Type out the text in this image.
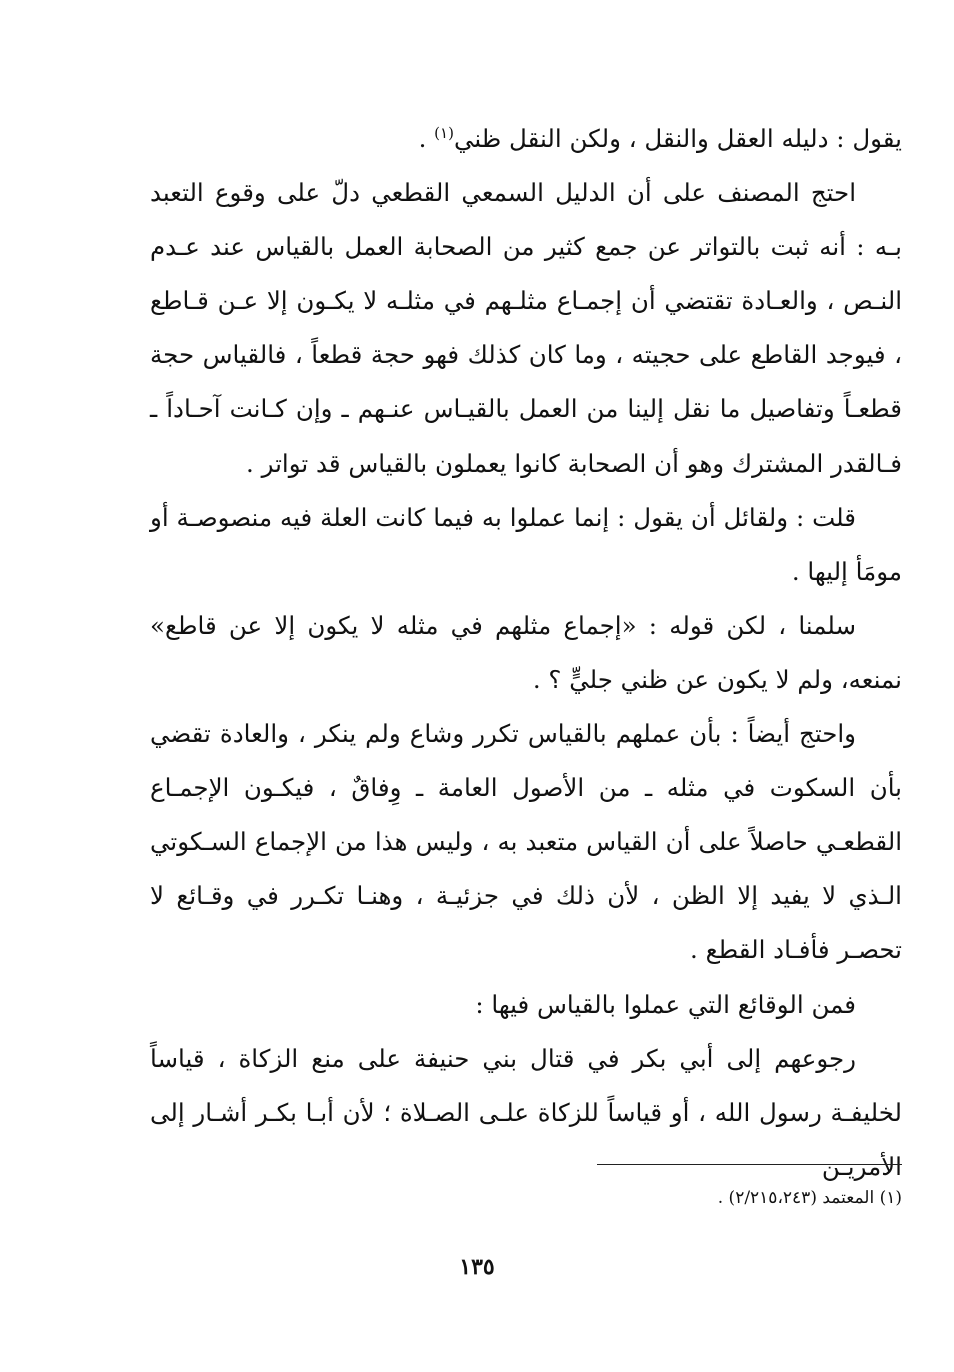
يقول : دليله العقل والنقل ، ولكن النقل ظني$^{(١)}$ .

احتج المصنف على أن الدليل السمعي القطعي دلّ على وقوع التعبد بـه : أنه ثبت بالتواتر عن جمع كثير من الصحابة العمل بالقياس عند عـدم النـص ، والعـادة تقتضي أن إجمـاع مثلـهم في مثلـه لا يكـون إلا عـن قـاطع ، فيوجد القاطع على حجيته ، وما كان كذلك فهو حجة قطعاً ، فالقياس حجة قطعـاً وتفاصيل ما نقل إلينا من العمل بالقيـاس عنـهم ـ وإن كـانت آحـاداً ـ فـالقدر المشترك وهو أن الصحابة كانوا يعملون بالقياس قد تواتر .

قلت : ولقائل أن يقول : إنما عملوا به فيما كانت العلة فيه منصوصـة أو مومَأ إليها .

سلمنا ، لكن قوله : «إجماع مثلهم في مثله لا يكون إلا عن قاطع» نمنعه، ولم لا يكون عن ظني جليٍّ ؟ .

واحتج أيضاً : بأن عملهم بالقياس تكرر وشاع ولم ينكر ، والعادة تقضي بأن السكوت في مثله ـ من الأصول العامة ـ وِفاقٌ ، فيكـون الإجمـاع القطعـي حاصلاً على أن القياس متعبد به ، وليس هذا من الإجماع السـكوتي الـذي لا يفيد إلا الظن ، لأن ذلك في جزئيـة ، وهنـا تكـرر في وقـائع لا تحصـر فأفـاد القطع .

فمن الوقائع التي عملوا بالقياس فيها :

رجوعهم إلى أبي بكر في قتال بني حنيفة على منع الزكاة ، قياساً لخليفـة رسول الله ، أو قياساً للزكاة علـى الصـلاة ؛ لأن أبـا بكـر أشـار إلى الأمريـن

(١) المعتمد (٢/٢١٥،٢٤٣) .
١٣٥
